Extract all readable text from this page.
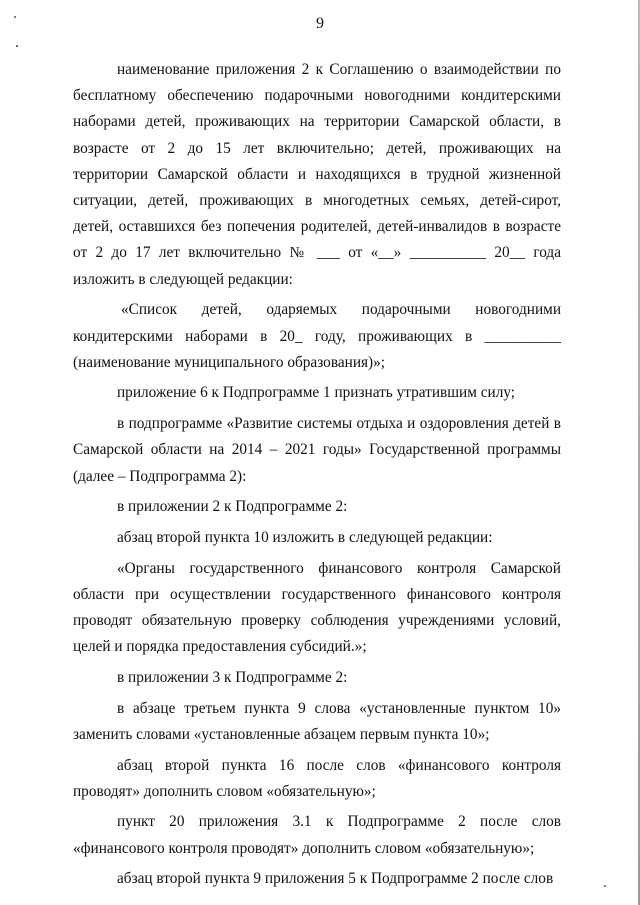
9

наименование приложения 2 к Соглашению о взаимодействии по бесплатному обеспечению подарочными новогодними кондитерскими наборами детей, проживающих на территории Самарской области, в возрасте от 2 до 15 лет включительно; детей, проживающих на территории Самарской области и находящихся в трудной жизненной ситуации, детей, проживающих в многодетных семьях, детей-сирот, детей, оставшихся без попечения родителей, детей-инвалидов в возрасте от 2 до 17 лет включительно № ___ от «__» __________ 20__ года изложить в следующей редакции:

«Список детей, одаряемых подарочными новогодними кондитерскими наборами в 20_ году, проживающих в __________ (наименование муниципального образования)»;

приложение 6 к Подпрограмме 1 признать утратившим силу;

в подпрограмме «Развитие системы отдыха и оздоровления детей в Самарской области на 2014 – 2021 годы» Государственной программы (далее – Подпрограмма 2):

в приложении 2 к Подпрограмме 2:

абзац второй пункта 10 изложить в следующей редакции:

«Органы государственного финансового контроля Самарской области при осуществлении государственного финансового контроля проводят обязательную проверку соблюдения учреждениями условий, целей и порядка предоставления субсидий.»;

в приложении 3 к Подпрограмме 2:

в абзаце третьем пункта 9 слова «установленные пунктом 10» заменить словами «установленные абзацем первым пункта 10»;

абзац второй пункта 16 после слов «финансового контроля проводят» дополнить словом «обязательную»;

пункт 20 приложения 3.1 к Подпрограмме 2 после слов «финансового контроля проводят» дополнить словом «обязательную»;

абзац второй пункта 9 приложения 5 к Подпрограмме 2 после слов
